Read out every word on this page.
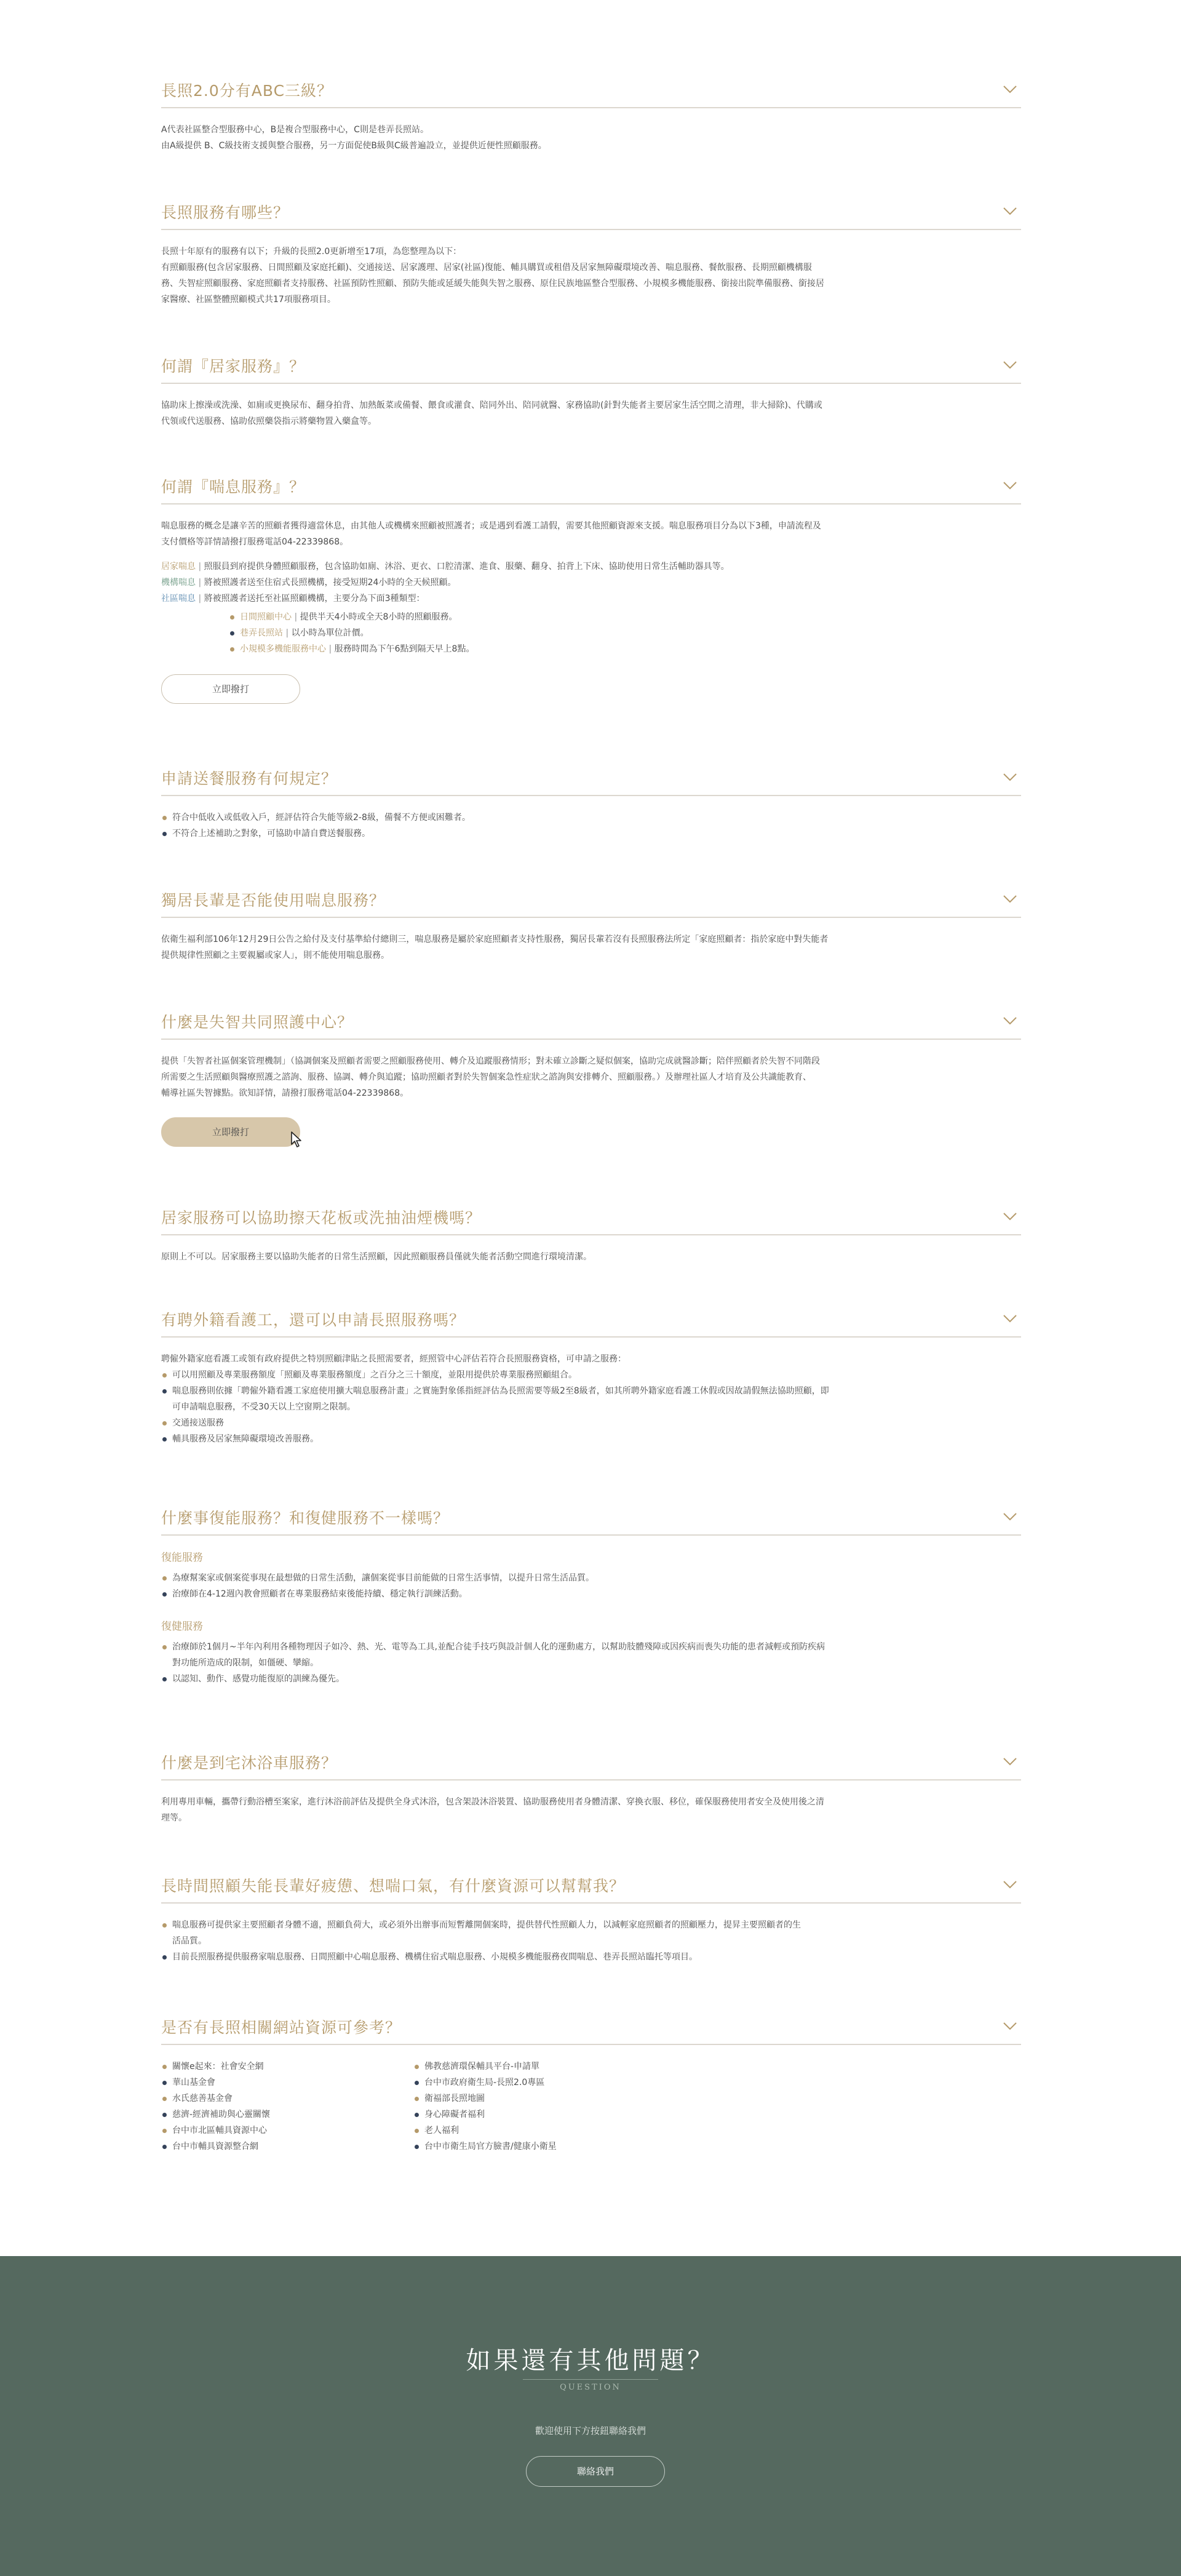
長照2.0分有ABC三級？

A代表社區整合型服務中心，B是複合型服務中心，C則是巷弄長照站。

由A級提供 B、C級技術支援與整合服務，另一方面促使B級與C級普遍設立，並提供近便性照顧服務。

長照服務有哪些？

長照十年原有的服務有以下；升級的長照2.0更新增至17項，為您整理為以下：

有照顧服務(包含居家服務、日間照顧及家庭托顧)、交通接送、居家護理、居家(社區)復能、輔具購買或租借及居家無障礙環境改善、喘息服務、餐飲服務、長期照顧機構服

務、失智症照顧服務、家庭照顧者支持服務、社區預防性照顧、預防失能或延緩失能與失智之服務、原住民族地區整合型服務、小規模多機能服務、銜接出院準備服務、銜接居

家醫療、社區整體照顧模式共17項服務項目。

何謂『居家服務』？

協助床上擦澡或洗澡、如廁或更換尿布、翻身拍背、加熱飯菜或備餐、餵食或灌食、陪同外出、陪同就醫、家務協助(針對失能者主要居家生活空間之清理，非大掃除)、代購或

代領或代送服務、協助依照藥袋指示將藥物置入藥盒等。

何謂『喘息服務』？

喘息服務的概念是讓辛苦的照顧者獲得適當休息，由其他人或機構來照顧被照護者；或是遇到看護工請假，需要其他照顧資源來支援。喘息服務項目分為以下3種，申請流程及

支付價格等詳情請撥打服務電話04-22339868。

居家喘息 | 照服員到府提供身體照顧服務，包含協助如廁、沐浴、更衣、口腔清潔、進食、服藥、翻身、拍背上下床、協助使用日常生活輔助器具等。

機構喘息 | 將被照護者送至住宿式長照機構，接受短期24小時的全天候照顧。

社區喘息 | 將被照護者送托至社區照顧機構，主要分為下面3種類型：

日間照顧中心 | 提供半天4小時或全天8小時的照顧服務。
巷弄長照站 | 以小時為單位計價。
小規模多機能服務中心 | 服務時間為下午6點到隔天早上8點。
立即撥打
申請送餐服務有何規定？
符合中低收入或低收入戶，經評估符合失能等級2-8級，備餐不方便或困難者。
不符合上述補助之對象，可協助申請自費送餐服務。
獨居長輩是否能使用喘息服務？

依衛生福利部106年12月29日公告之給付及支付基準給付總則三，喘息服務是屬於家庭照顧者支持性服務，獨居長輩若沒有長照服務法所定「家庭照顧者：指於家庭中對失能者

提供規律性照顧之主要親屬或家人」，則不能使用喘息服務。

什麼是失智共同照護中心？

提供「失智者社區個案管理機制」（協調個案及照顧者需要之照顧服務使用、轉介及追蹤服務情形；對未確立診斷之疑似個案，協助完成就醫診斷；陪伴照顧者於失智不同階段

所需要之生活照顧與醫療照護之諮詢、服務、協調、轉介與追蹤；協助照顧者對於失智個案急性症狀之諮詢與安排轉介、照顧服務。）及辦理社區人才培育及公共識能教育、

輔導社區失智據點。欲知詳情，請撥打服務電話04-22339868。

立即撥打
居家服務可以協助擦天花板或洗抽油煙機嗎？

原則上不可以。居家服務主要以協助失能者的日常生活照顧，因此照顧服務員僅就失能者活動空間進行環境清潔。

有聘外籍看護工，還可以申請長照服務嗎？

聘僱外籍家庭看護工或領有政府提供之特別照顧津貼之長照需要者，經照管中心評估若符合長照服務資格，可申請之服務：

可以用照顧及專業服務額度「照顧及專業服務額度」之百分之三十額度，並限用提供於專業服務照顧組合。
喘息服務則依據「聘僱外籍看護工家庭使用擴大喘息服務計畫」之實施對象係指經評估為長照需要等級2至8級者，如其所聘外籍家庭看護工休假或因故請假無法協助照顧，即
可申請喘息服務，不受30天以上空窗期之限制。
交通接送服務
輔具服務及居家無障礙環境改善服務。
什麼事復能服務？和復健服務不一樣嗎？
復能服務
為療幫案家或個案從事現在最想做的日常生活動，讓個案從事目前能做的日常生活事情，以提升日常生活品質。
治療師在4-12週內教會照顧者在專業服務結束後能持續、穩定執行訓練活動。
復健服務
治療師於1個月~半年內利用各種物理因子如冷、熱、光、電等為工具,並配合徒手技巧與設計個人化的運動處方，以幫助肢體殘障或因疾病而喪失功能的患者減輕或預防疾病
對功能所造成的限制，如僵硬、攣縮。
以認知、動作、感覺功能復原的訓練為優先。
什麼是到宅沐浴車服務？

利用專用車輛，攜帶行動浴槽至案家，進行沐浴前評估及提供全身式沐浴，包含架設沐浴裝置、協助服務使用者身體清潔、穿換衣服、移位，確保服務使用者安全及使用後之清

理等。

長時間照顧失能長輩好疲憊、想喘口氣，有什麼資源可以幫幫我？
喘息服務可提供家主要照顧者身體不適，照顧負荷大，或必須外出辦事而短暫離開個案時，提供替代性照顧人力，以減輕家庭照顧者的照顧壓力，提昇主要照顧者的生
活品質。
目前長照服務提供服務家喘息服務、日間照顧中心喘息服務、機構住宿式喘息服務、小規模多機能服務夜間喘息、巷弄長照站臨托等項目。
是否有長照相關網站資源可參考？
關懷e起來：社會安全網
華山基金會
水氏慈善基金會
慈濟-經濟補助與心靈關懷
台中市北區輔具資源中心
台中市輔具資源整合網
佛教慈濟環保輔具平台-申請單
台中市政府衛生局-長照2.0專區
衛福部長照地圖
身心障礙者福利
老人福利
台中市衛生局官方臉書/健康小衛星
如果還有其他問題？
QUESTION
歡迎使用下方按鈕聯絡我們
聯絡我們
